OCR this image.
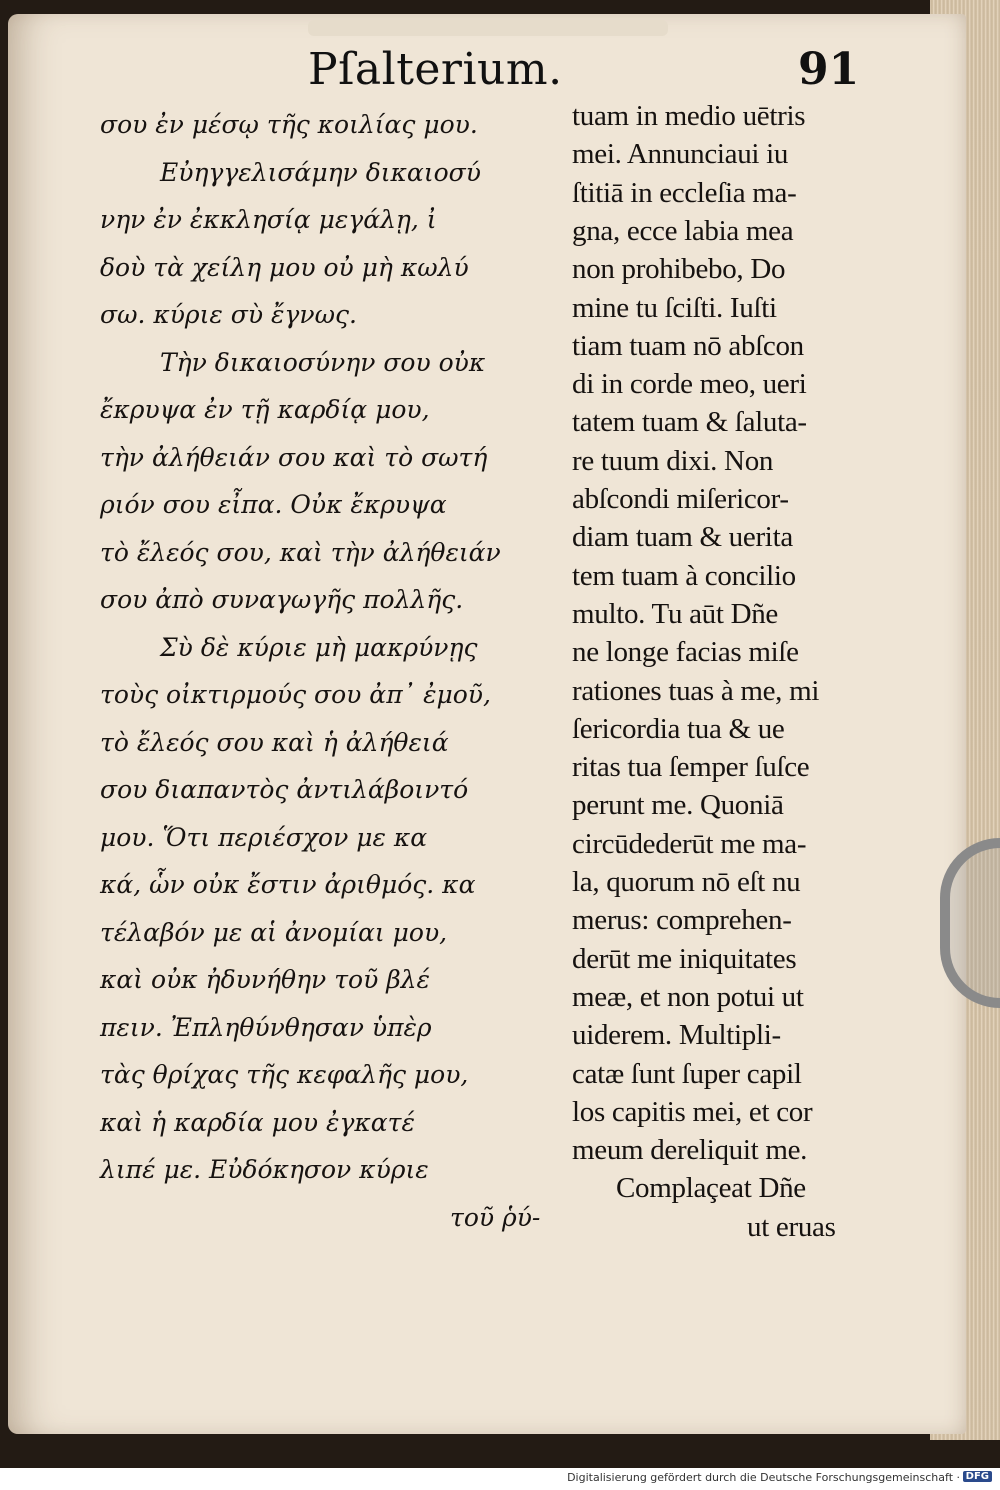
Pſalterium.	91
σου ἐν μέσῳ τῆς κοιλίας μου.
Εὐηγγελισάμην δικαιοσύ
νην ἐν ἐκκλησίᾳ μεγάλῃ, ἰ
δοὺ τὰ χείλη μου οὐ μὴ κωλύ
σω. κύριε σὺ ἔγνως.
Τὴν δικαιοσύνην σου οὐκ
ἔκρυψα ἐν τῇ καρδίᾳ μου,
τὴν ἀλήθειάν σου καὶ τὸ σωτή
ριόν σου εἶπα. Οὐκ ἔκρυψα
τὸ ἔλεός σου, καὶ τὴν ἀλήθειάν
σου ἀπὸ συναγωγῆς πολλῆς.
Σὺ δὲ κύριε μὴ μακρύνῃς
τοὺς οἰκτιρμούς σου ἀπ᾽ ἐμοῦ,
τὸ ἔλεός σου καὶ ἡ ἀλήθειά
σου διαπαντὸς ἀντιλάβοιντό
μου. Ὅτι περιέσχον με κα
κά, ὧν οὐκ ἔστιν ἀριθμός. κα
τέλαβόν με αἱ ἀνομίαι μου,
καὶ οὐκ ἠδυνήθην τοῦ βλέ
πειν. Ἐπληθύνθησαν ὑπὲρ
τὰς θρίχας τῆς κεφαλῆς μου,
καὶ ἡ καρδία μου ἐγκατέ
λιπέ με. Εὐδόκησον κύριε
τοῦ ῥύ-
tuam in medio uētris
mei. Annunciaui iu
ſtitiā in eccleſia ma-
gna, ecce labia mea
non prohibebo, Do
mine tu ſciſti. Iuſti
tiam tuam nō abſcon
di in corde meo, ueri
tatem tuam & ſaluta-
re tuum dixi. Non
abſcondi miſericor-
diam tuam & uerita
tem tuam à concilio
multo. Tu aūt Dñe
ne longe facias miſe
rationes tuas à me, mi
ſericordia tua & ue
ritas tua ſemper ſuſce
perunt me. Quoniā
circūdederūt me ma-
la, quorum nō eſt nu
merus: comprehen-
derūt me iniquitates
meæ, et non potui ut
uiderem. Multipli-
catæ ſunt ſuper capil
los capitis mei, et cor
meum dereliquit me.
Complaçeat Dñe
ut eruas
Digitalisierung gefördert durch die Deutsche Forschungsgemeinschaft · DFG
